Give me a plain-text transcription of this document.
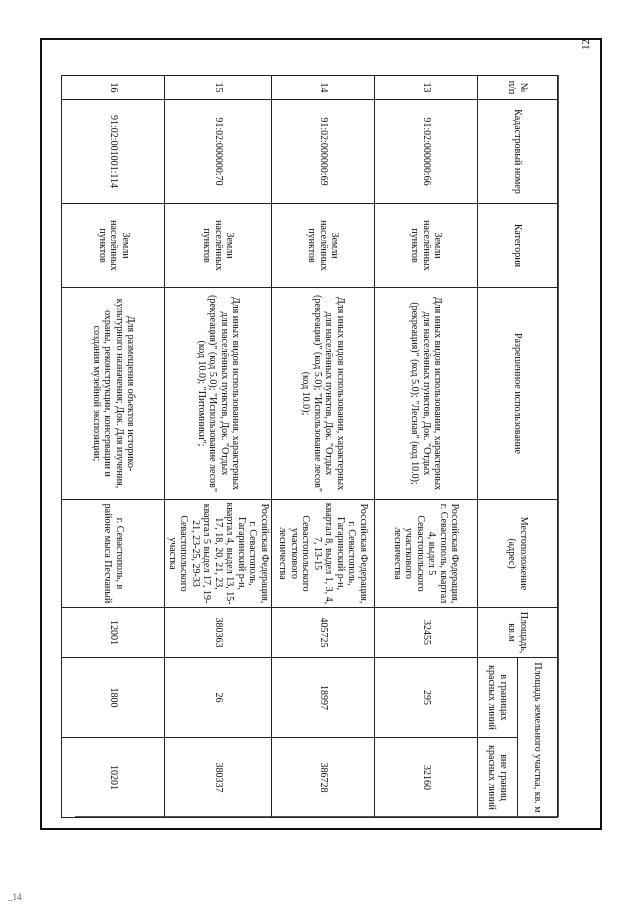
12
_14
№ п/п	Кадастровый номер	Категория	Разрешенное использование	Местоположение (адрес)	Площадь, кв.м	Площадь земельного участка, кв. м	
						в границах красных линий	вне границ красных линий
13	91:02:000000:66	Земли населённых пунктов	Для иных видов использования, характерных для населённых пунктов, Док. "Отдых (рекреация)" (код 5.0); "Лесная" (код 10.0);	Российская Федерация, г. Севастополь, квартал 4, выдел 5 Севастопольского участкового лесничества	32455	295	32160
14	91:02:000000:69	Земли населённых пунктов	Для иных видов использования, характерных для населённых пунктов, Док. "Отдых (рекреация)" (код 5.0); "Использование лесов" (код 10.0);	Российская Федерация, г. Севастополь, Гагаринский р-н, квартал 8, выдел 1, 3, 4, 7, 13-15 Севастопольского участкового лесничества	405725	18997	386728
15	91:02:000000:70	Земли населённых пунктов	Для иных видов использования, характерных для населённых пунктов, Док. "Отдых (рекреация)" (код 5.0); "Использование лесов" (код 10.0); "Питомники";	Российская Федерация, г. Севастополь, Гагаринский р-н, квартал 4, выдел 13, 15-17, 18, 20, 21, 23, квартал 5 выдел 17, 19-21, 23-25, 29-33 Севастопольского участка	380363	26	380337
16	91:02:001001:114	Земли населённых пунктов	Для размещения объектов историко-культурного назначения; Док. Для изучения, охраны, реконструкции, консервации и создания музейной экспозиции;	г. Севастополь, в районе мыса Песчаный	12001	1800	10201
